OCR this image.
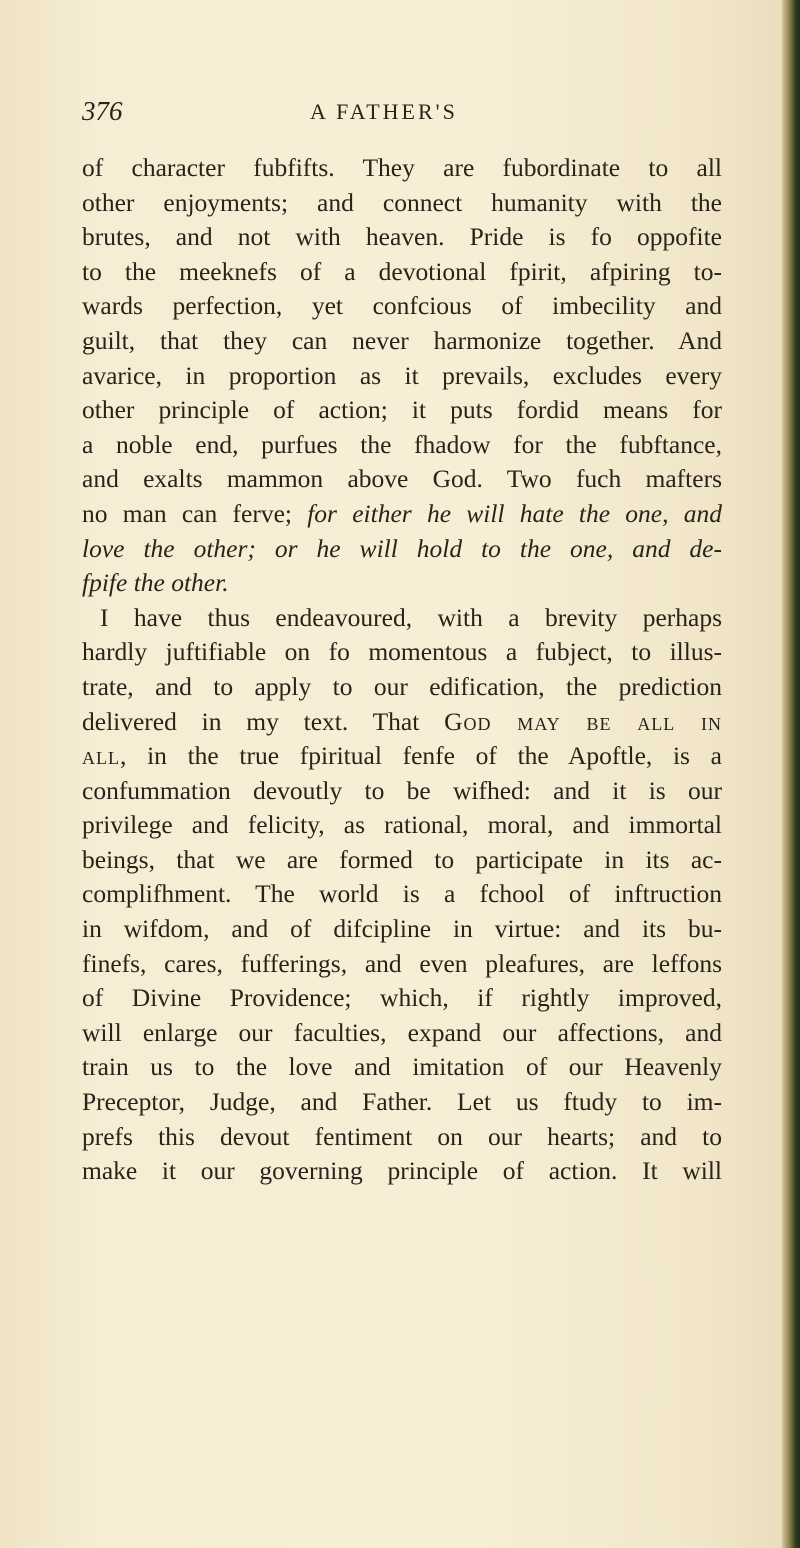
376	A FATHER'S
of character fubfifts. They are fubordinate to all
other enjoyments; and connect humanity with the
brutes, and not with heaven. Pride is fo oppofite
to the meeknefs of a devotional fpirit, afpiring to-
wards perfection, yet confcious of imbecility and
guilt, that they can never harmonize together. And
avarice, in proportion as it prevails, excludes every
other principle of action; it puts fordid means for
a noble end, purfues the fhadow for the fubftance,
and exalts mammon above God. Two fuch mafters
no man can ferve; for either he will hate the one, and
love the other; or he will hold to the one, and de-
fpife the other.
I have thus endeavoured, with a brevity perhaps
hardly juftifiable on fo momentous a fubject, to illus-
trate, and to apply to our edification, the prediction
delivered in my text. That God may be all in
all, in the true fpiritual fenfe of the Apoftle, is a
confummation devoutly to be wifhed: and it is our
privilege and felicity, as rational, moral, and immortal
beings, that we are formed to participate in its ac-
complifhment. The world is a fchool of inftruction
in wifdom, and of difcipline in virtue: and its bu-
finefs, cares, fufferings, and even pleafures, are leffons
of Divine Providence; which, if rightly improved,
will enlarge our faculties, expand our affections, and
train us to the love and imitation of our Heavenly
Preceptor, Judge, and Father. Let us ftudy to im-
prefs this devout fentiment on our hearts; and to
make it our governing principle of action. It will
